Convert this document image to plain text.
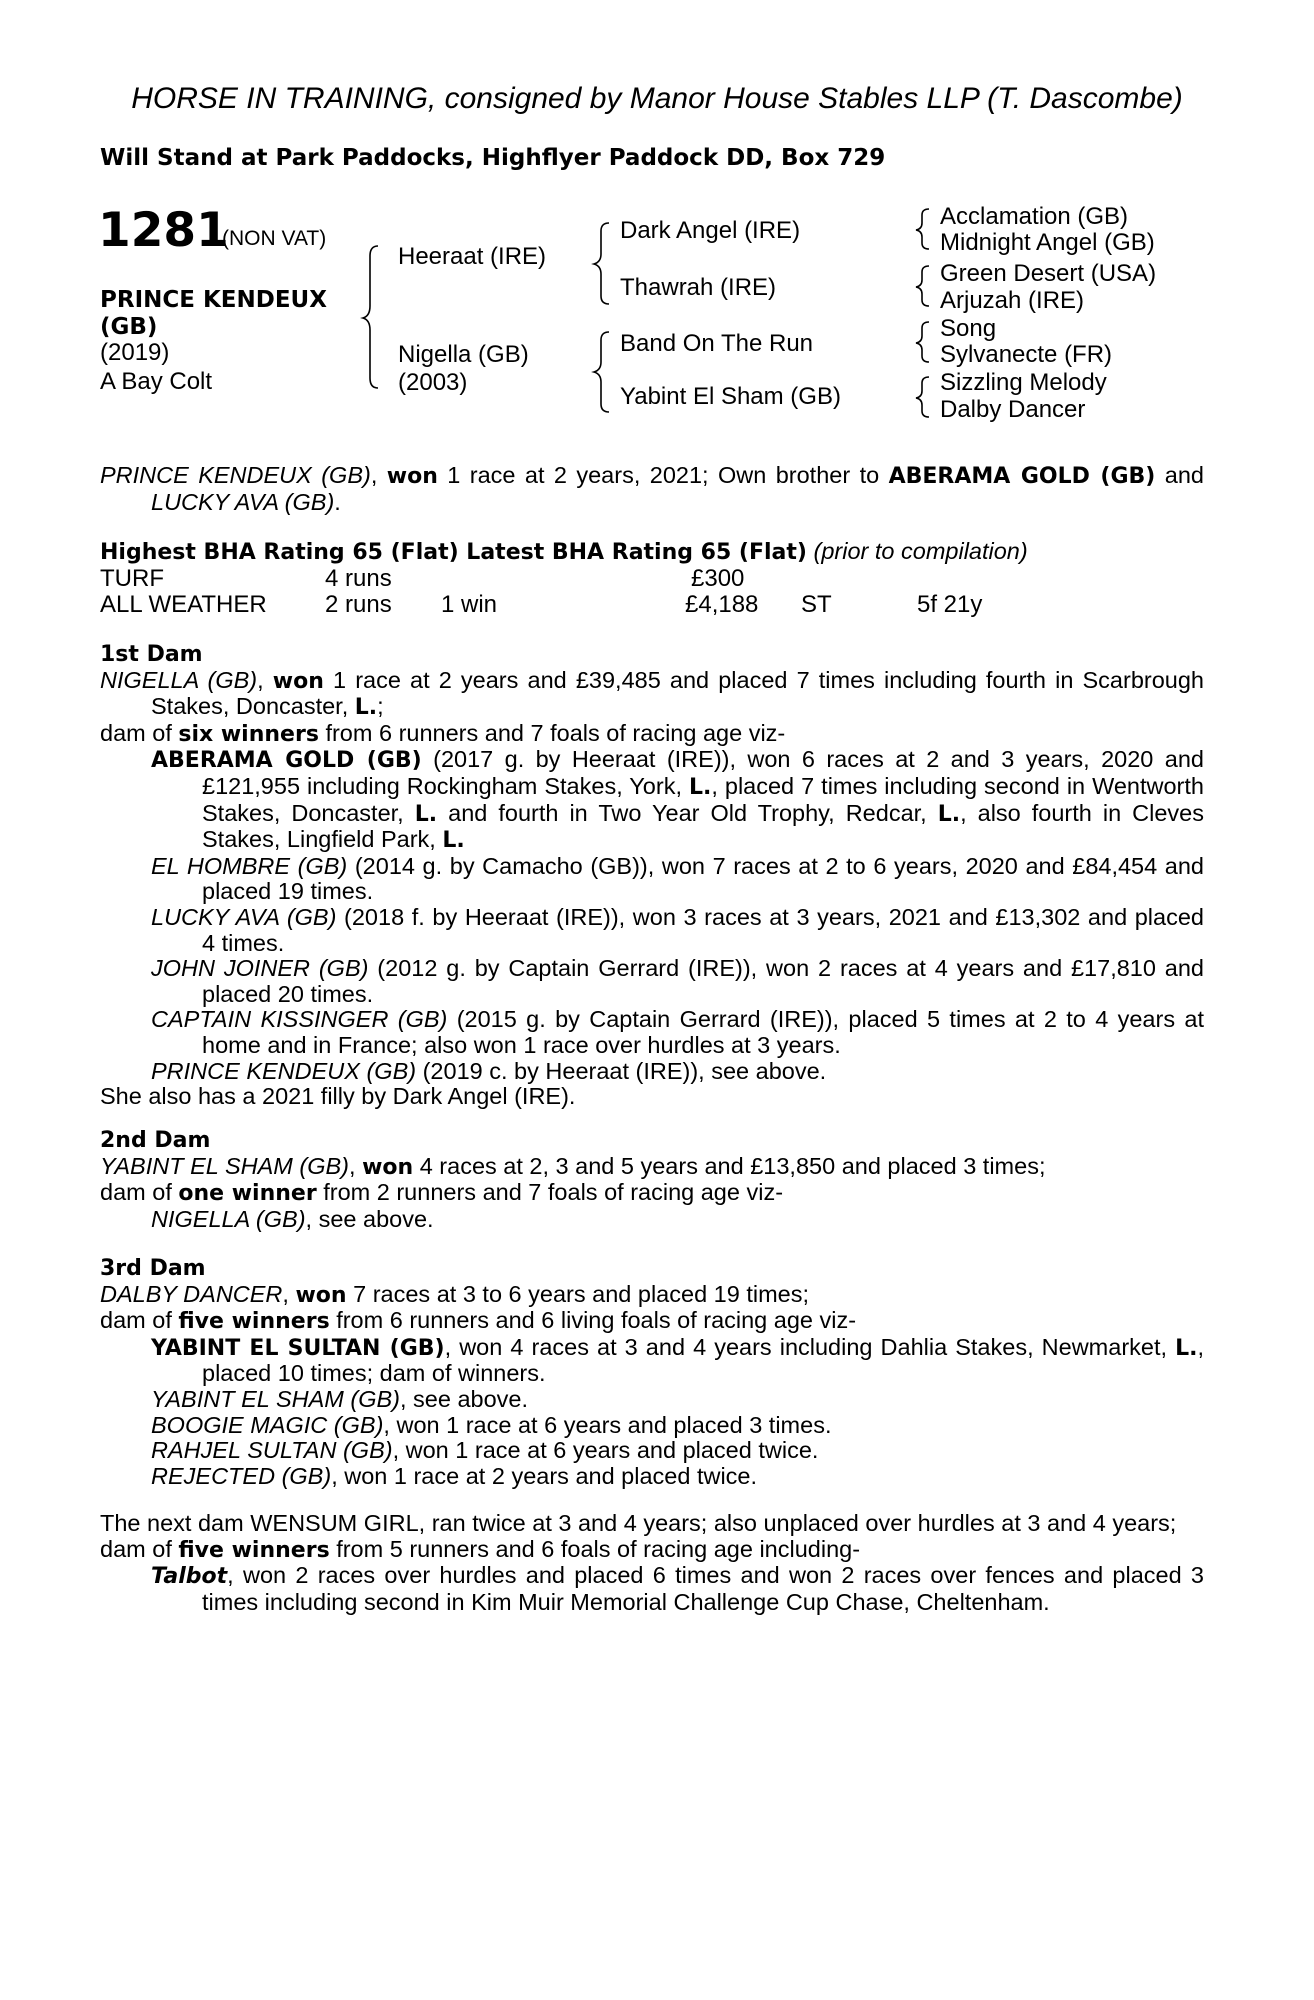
HORSE IN TRAINING, consigned by Manor House Stables LLP (T. Dascombe)
Will Stand at Park Paddocks, Highflyer Paddock DD, Box 729
1281
(NON VAT)
PRINCE KENDEUX
(GB)
(2019)
A Bay Colt
Heeraat (IRE)
Nigella (GB)
(2003)
Dark Angel (IRE)
Thawrah (IRE)
Band On The Run
Yabint El Sham (GB)
Acclamation (GB)
Midnight Angel (GB)
Green Desert (USA)
Arjuzah (IRE)
Song
Sylvanecte (FR)
Sizzling Melody
Dalby Dancer

PRINCE KENDEUX (GB), won 1 race at 2 years, 2021; Own brother to ABERAMA GOLD (GB) and LUCKY AVA (GB).

Highest BHA Rating 65 (Flat) Latest BHA Rating 65 (Flat) (prior to compilation)
TURF	4 runs	£300
ALL WEATHER 2 runs 1 win	£4,188 ST	5f 21y
1st Dam

NIGELLA (GB), won 1 race at 2 years and £39,485 and placed 7 times including fourth in Scarbrough Stakes, Doncaster, L.;

dam of six winners from 6 runners and 7 foals of racing age viz-

ABERAMA GOLD (GB) (2017 g. by Heeraat (IRE)), won 6 races at 2 and 3 years, 2020 and £121,955 including Rockingham Stakes, York, L., placed 7 times including second in Wentworth Stakes, Doncaster, L. and fourth in Two Year Old Trophy, Redcar, L., also fourth in Cleves Stakes, Lingfield Park, L.

EL HOMBRE (GB) (2014 g. by Camacho (GB)), won 7 races at 2 to 6 years, 2020 and £84,454 and placed 19 times.

LUCKY AVA (GB) (2018 f. by Heeraat (IRE)), won 3 races at 3 years, 2021 and £13,302 and placed 4 times.

JOHN JOINER (GB) (2012 g. by Captain Gerrard (IRE)), won 2 races at 4 years and £17,810 and placed 20 times.

CAPTAIN KISSINGER (GB) (2015 g. by Captain Gerrard (IRE)), placed 5 times at 2 to 4 years at home and in France; also won 1 race over hurdles at 3 years.

PRINCE KENDEUX (GB) (2019 c. by Heeraat (IRE)), see above.

She also has a 2021 filly by Dark Angel (IRE).

2nd Dam

YABINT EL SHAM (GB), won 4 races at 2, 3 and 5 years and £13,850 and placed 3 times;

dam of one winner from 2 runners and 7 foals of racing age viz-

NIGELLA (GB), see above.

3rd Dam

DALBY DANCER, won 7 races at 3 to 6 years and placed 19 times;

dam of five winners from 6 runners and 6 living foals of racing age viz-

YABINT EL SULTAN (GB), won 4 races at 3 and 4 years including Dahlia Stakes, Newmarket, L., placed 10 times; dam of winners.

YABINT EL SHAM (GB), see above.

BOOGIE MAGIC (GB), won 1 race at 6 years and placed 3 times.

RAHJEL SULTAN (GB), won 1 race at 6 years and placed twice.

REJECTED (GB), won 1 race at 2 years and placed twice.

The next dam WENSUM GIRL, ran twice at 3 and 4 years; also unplaced over hurdles at 3 and 4 years;

dam of five winners from 5 runners and 6 foals of racing age including-

Talbot, won 2 races over hurdles and placed 6 times and won 2 races over fences and placed 3 times including second in Kim Muir Memorial Challenge Cup Chase, Cheltenham.
